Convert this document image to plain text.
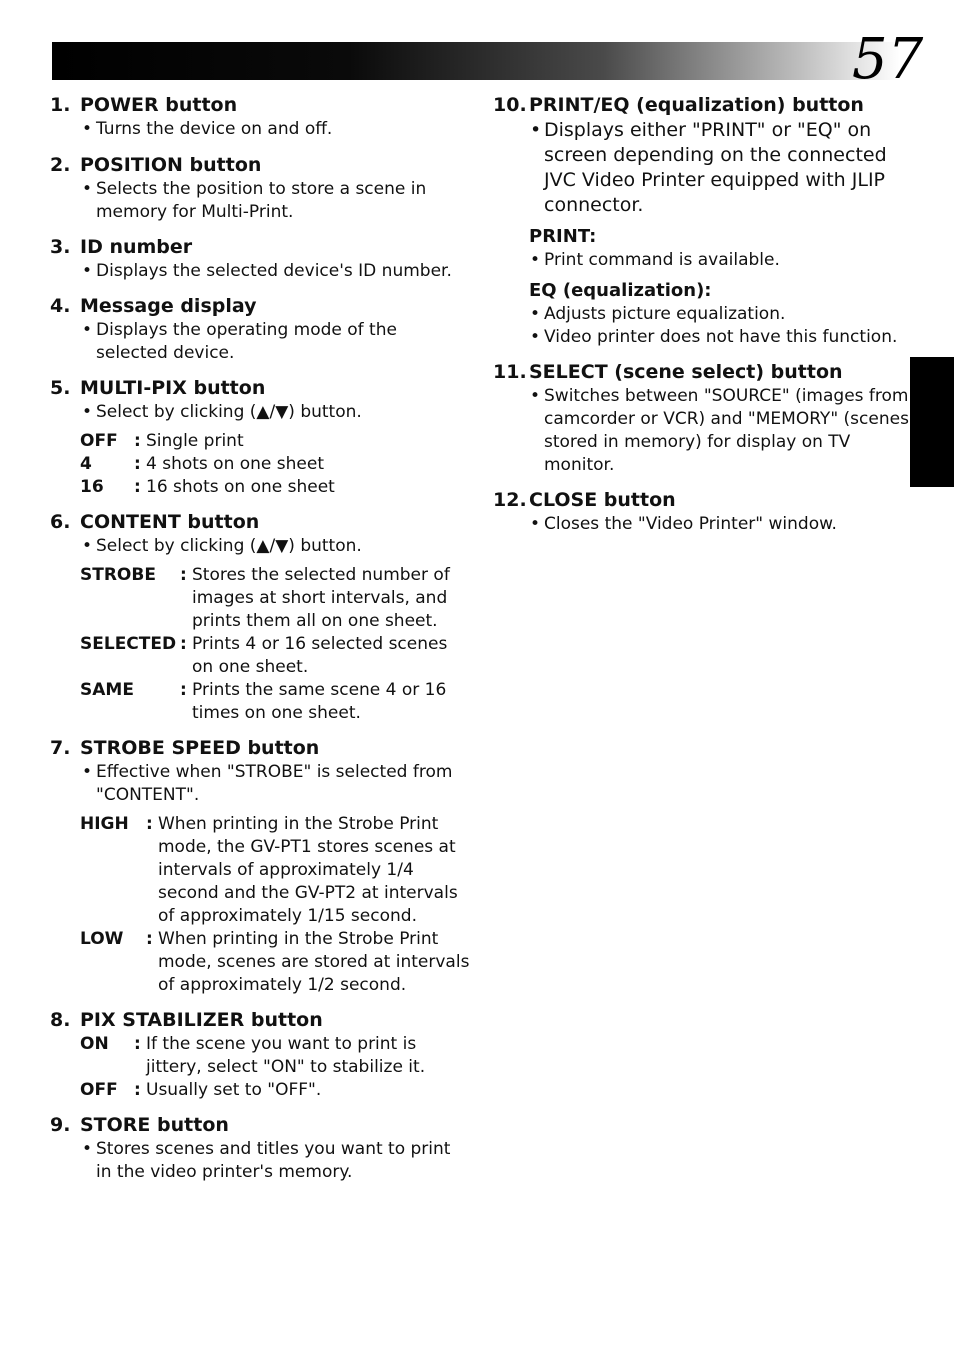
57
1. POWER button
• Turns the device on and off.
2. POSITION button
• Selects the position to store a scene in memory for Multi-Print.
3. ID number
• Displays the selected device's ID number.
4. Message display
• Displays the operating mode of the selected device.
5. MULTI-PIX button
• Select by clicking (▲/▼) button.
OFF : Single print
4	: 4 shots on one sheet
16	: 16 shots on one sheet
6. CONTENT button
• Select by clicking (▲/▼) button.
STROBE	: Stores the selected number of images at short intervals, and prints them all on one sheet.
SELECTED : Prints 4 or 16 selected scenes on one sheet.
SAME	: Prints the same scene 4 or 16 times on one sheet.
7. STROBE SPEED button
• Effective when "STROBE" is selected from "CONTENT".
HIGH	: When printing in the Strobe Print mode, the GV-PT1 stores scenes at intervals of approximately 1/4 second and the GV-PT2 at intervals of approximately 1/15 second.
LOW	: When printing in the Strobe Print mode, scenes are stored at intervals of approximately 1/2 second.
8. PIX STABILIZER button
ON	: If the scene you want to print is jittery, select "ON" to stabilize it.
OFF : Usually set to "OFF".
9. STORE button
• Stores scenes and titles you want to print in the video printer's memory.
10. PRINT/EQ (equalization) button
• Displays either "PRINT" or "EQ" on screen depending on the connected JVC Video Printer equipped with JLIP connector.
PRINT:
• Print command is available.
EQ (equalization):
• Adjusts picture equalization.
• Video printer does not have this function.
11. SELECT (scene select) button
• Switches between "SOURCE" (images from camcorder or VCR) and "MEMORY" (scenes stored in memory) for display on TV monitor.
12. CLOSE button
• Closes the "Video Printer" window.
